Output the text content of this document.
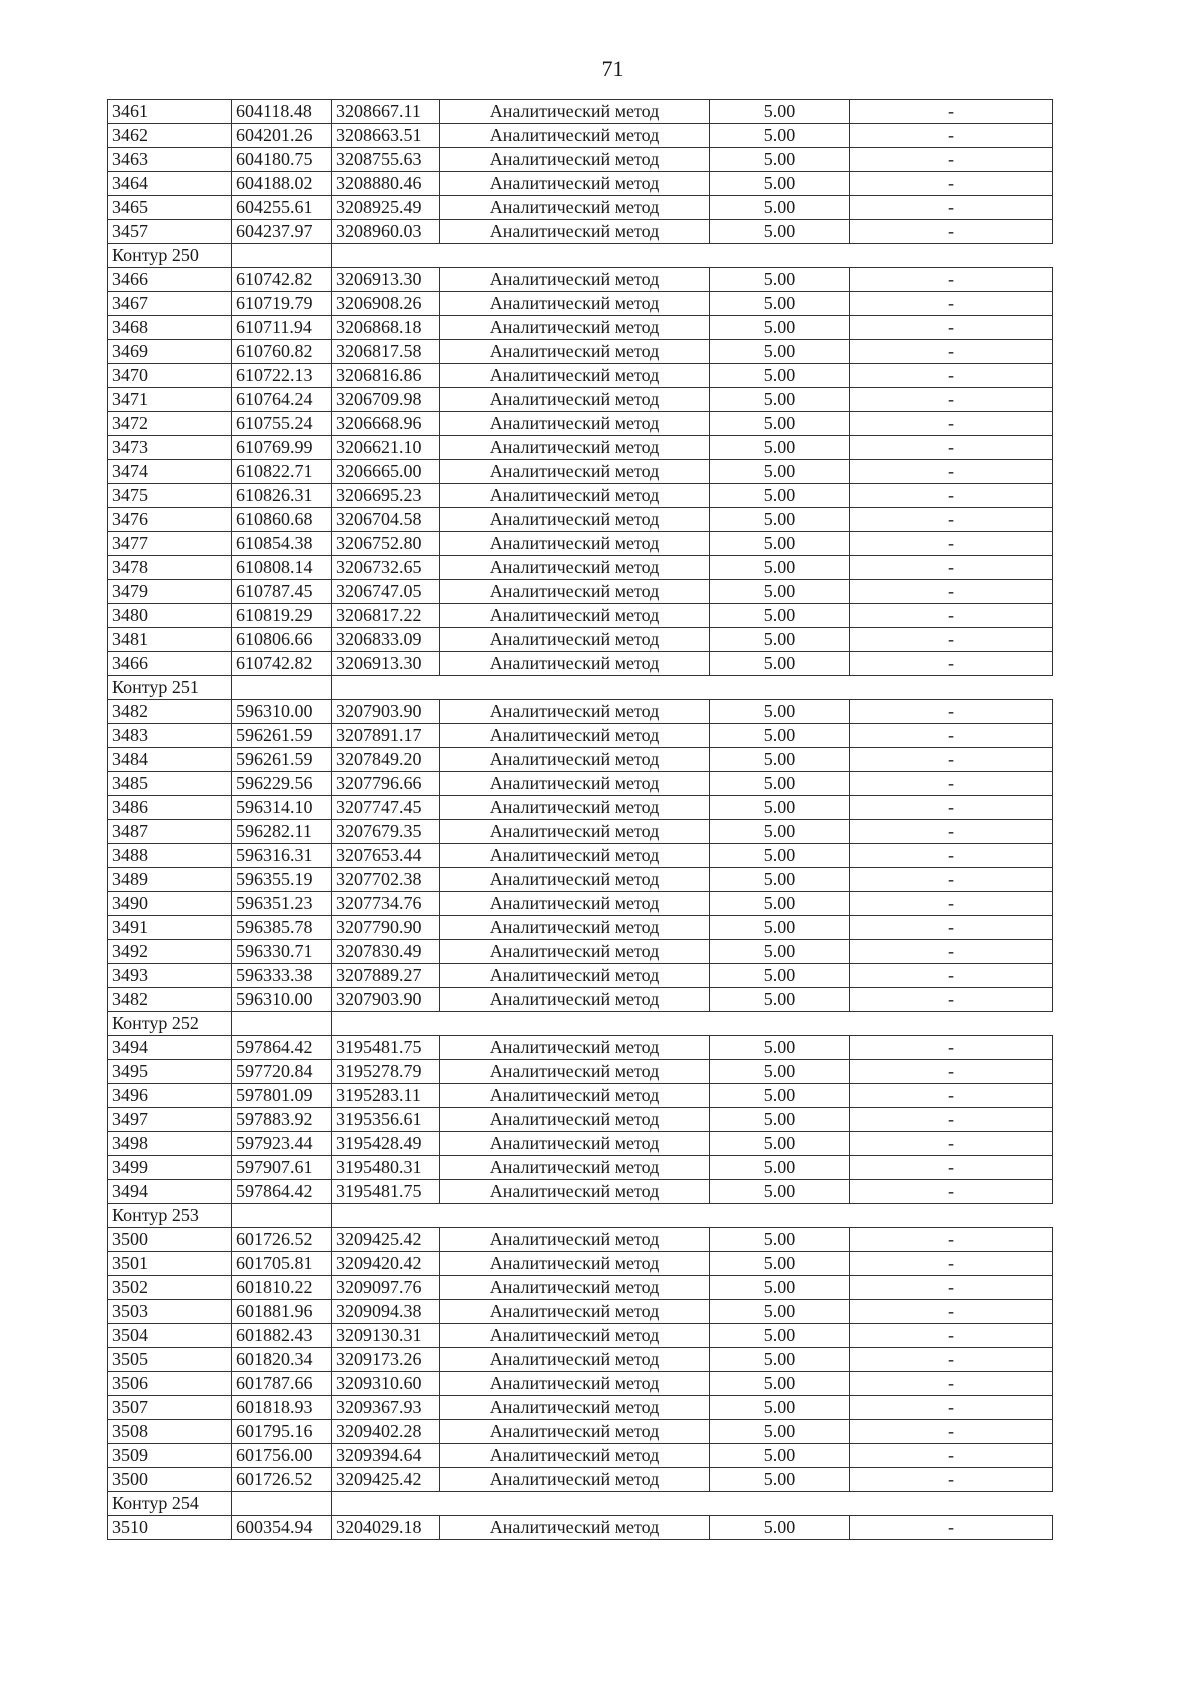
71
3461	604118.48	3208667.11	Аналитический метод	5.00	-
3462	604201.26	3208663.51	Аналитический метод	5.00	-
3463	604180.75	3208755.63	Аналитический метод	5.00	-
3464	604188.02	3208880.46	Аналитический метод	5.00	-
3465	604255.61	3208925.49	Аналитический метод	5.00	-
3457	604237.97	3208960.03	Аналитический метод	5.00	-
Контур 250					
3466	610742.82	3206913.30	Аналитический метод	5.00	-
3467	610719.79	3206908.26	Аналитический метод	5.00	-
3468	610711.94	3206868.18	Аналитический метод	5.00	-
3469	610760.82	3206817.58	Аналитический метод	5.00	-
3470	610722.13	3206816.86	Аналитический метод	5.00	-
3471	610764.24	3206709.98	Аналитический метод	5.00	-
3472	610755.24	3206668.96	Аналитический метод	5.00	-
3473	610769.99	3206621.10	Аналитический метод	5.00	-
3474	610822.71	3206665.00	Аналитический метод	5.00	-
3475	610826.31	3206695.23	Аналитический метод	5.00	-
3476	610860.68	3206704.58	Аналитический метод	5.00	-
3477	610854.38	3206752.80	Аналитический метод	5.00	-
3478	610808.14	3206732.65	Аналитический метод	5.00	-
3479	610787.45	3206747.05	Аналитический метод	5.00	-
3480	610819.29	3206817.22	Аналитический метод	5.00	-
3481	610806.66	3206833.09	Аналитический метод	5.00	-
3466	610742.82	3206913.30	Аналитический метод	5.00	-
Контур 251					
3482	596310.00	3207903.90	Аналитический метод	5.00	-
3483	596261.59	3207891.17	Аналитический метод	5.00	-
3484	596261.59	3207849.20	Аналитический метод	5.00	-
3485	596229.56	3207796.66	Аналитический метод	5.00	-
3486	596314.10	3207747.45	Аналитический метод	5.00	-
3487	596282.11	3207679.35	Аналитический метод	5.00	-
3488	596316.31	3207653.44	Аналитический метод	5.00	-
3489	596355.19	3207702.38	Аналитический метод	5.00	-
3490	596351.23	3207734.76	Аналитический метод	5.00	-
3491	596385.78	3207790.90	Аналитический метод	5.00	-
3492	596330.71	3207830.49	Аналитический метод	5.00	-
3493	596333.38	3207889.27	Аналитический метод	5.00	-
3482	596310.00	3207903.90	Аналитический метод	5.00	-
Контур 252					
3494	597864.42	3195481.75	Аналитический метод	5.00	-
3495	597720.84	3195278.79	Аналитический метод	5.00	-
3496	597801.09	3195283.11	Аналитический метод	5.00	-
3497	597883.92	3195356.61	Аналитический метод	5.00	-
3498	597923.44	3195428.49	Аналитический метод	5.00	-
3499	597907.61	3195480.31	Аналитический метод	5.00	-
3494	597864.42	3195481.75	Аналитический метод	5.00	-
Контур 253					
3500	601726.52	3209425.42	Аналитический метод	5.00	-
3501	601705.81	3209420.42	Аналитический метод	5.00	-
3502	601810.22	3209097.76	Аналитический метод	5.00	-
3503	601881.96	3209094.38	Аналитический метод	5.00	-
3504	601882.43	3209130.31	Аналитический метод	5.00	-
3505	601820.34	3209173.26	Аналитический метод	5.00	-
3506	601787.66	3209310.60	Аналитический метод	5.00	-
3507	601818.93	3209367.93	Аналитический метод	5.00	-
3508	601795.16	3209402.28	Аналитический метод	5.00	-
3509	601756.00	3209394.64	Аналитический метод	5.00	-
3500	601726.52	3209425.42	Аналитический метод	5.00	-
Контур 254					
3510	600354.94	3204029.18	Аналитический метод	5.00	-
